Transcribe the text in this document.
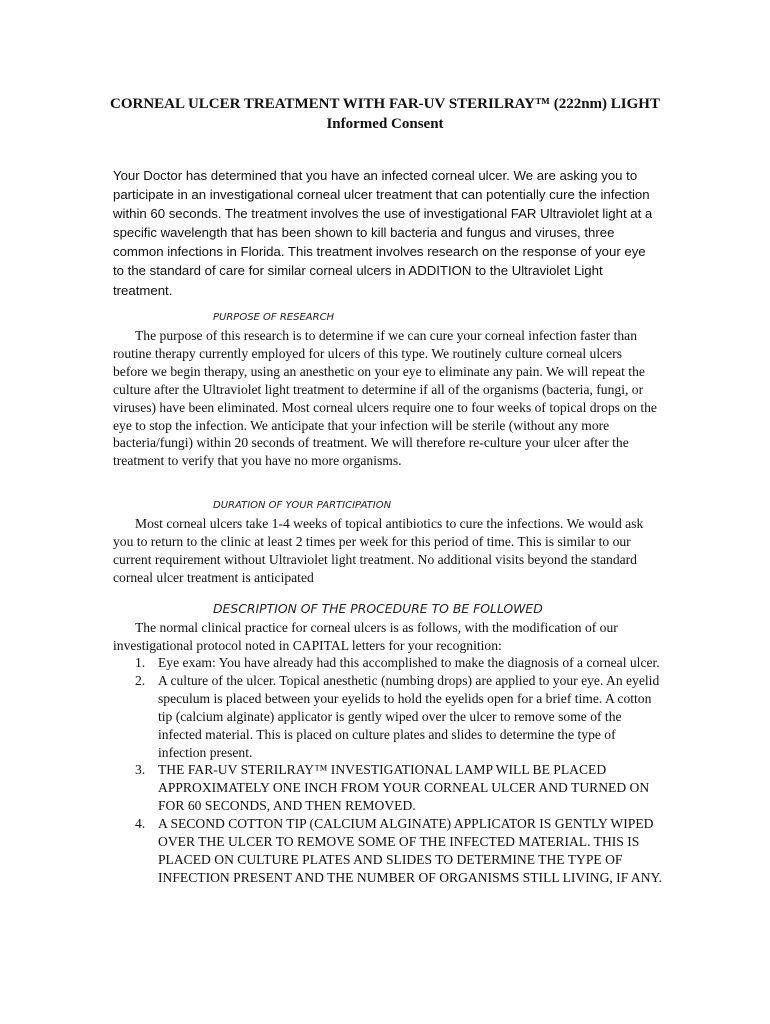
CORNEAL ULCER TREATMENT WITH FAR-UV STERILRAY™ (222nm) LIGHT
Informed Consent

Your Doctor has determined that you have an infected corneal ulcer. We are asking you to participate in an investigational corneal ulcer treatment that can potentially cure the infection within 60 seconds. The treatment involves the use of investigational FAR Ultraviolet light at a specific wavelength that has been shown to kill bacteria and fungus and viruses, three common infections in Florida. This treatment involves research on the response of your eye to the standard of care for similar corneal ulcers in ADDITION to the Ultraviolet Light treatment.

PURPOSE OF RESEARCH

The purpose of this research is to determine if we can cure your corneal infection faster than routine therapy currently employed for ulcers of this type. We routinely culture corneal ulcers before we begin therapy, using an anesthetic on your eye to eliminate any pain. We will repeat the culture after the Ultraviolet light treatment to determine if all of the organisms (bacteria, fungi, or viruses) have been eliminated. Most corneal ulcers require one to four weeks of topical drops on the eye to stop the infection. We anticipate that your infection will be sterile (without any more bacteria/fungi) within 20 seconds of treatment. We will therefore re-culture your ulcer after the treatment to verify that you have no more organisms.

DURATION OF YOUR PARTICIPATION

Most corneal ulcers take 1-4 weeks of topical antibiotics to cure the infections. We would ask you to return to the clinic at least 2 times per week for this period of time. This is similar to our current requirement without Ultraviolet light treatment. No additional visits beyond the standard corneal ulcer treatment is anticipated

DESCRIPTION OF THE PROCEDURE TO BE FOLLOWED

The normal clinical practice for corneal ulcers is as follows, with the modification of our investigational protocol noted in CAPITAL letters for your recognition:

1. Eye exam: You have already had this accomplished to make the diagnosis of a corneal ulcer.
2. A culture of the ulcer. Topical anesthetic (numbing drops) are applied to your eye. An eyelid speculum is placed between your eyelids to hold the eyelids open for a brief time. A cotton tip (calcium alginate) applicator is gently wiped over the ulcer to remove some of the infected material. This is placed on culture plates and slides to determine the type of infection present.
3. THE FAR-UV STERILRAY™ INVESTIGATIONAL LAMP WILL BE PLACED APPROXIMATELY ONE INCH FROM YOUR CORNEAL ULCER AND TURNED ON FOR 60 SECONDS, AND THEN REMOVED.
4. A SECOND COTTON TIP (CALCIUM ALGINATE) APPLICATOR IS GENTLY WIPED OVER THE ULCER TO REMOVE SOME OF THE INFECTED MATERIAL. THIS IS PLACED ON CULTURE PLATES AND SLIDES TO DETERMINE THE TYPE OF INFECTION PRESENT AND THE NUMBER OF ORGANISMS STILL LIVING, IF ANY.
